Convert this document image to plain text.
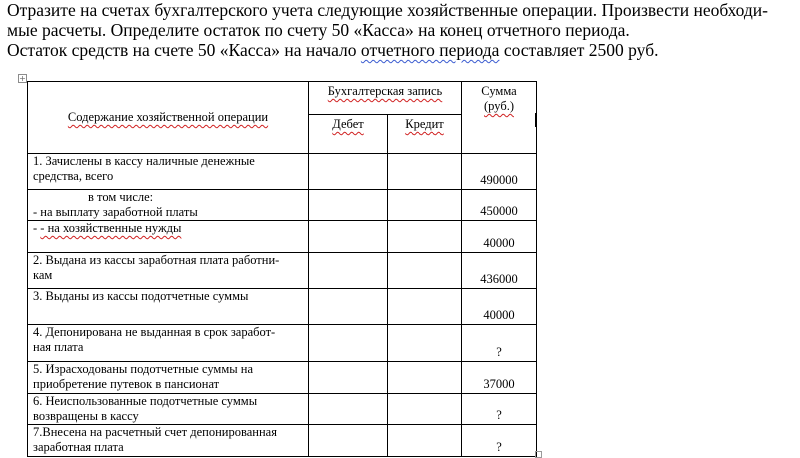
Отразите на счетах бухгалтерского учета следующие хозяйственные операции. Произвести необходи-

мые расчеты. Определите остаток по счету 50 «Касса» на конец отчетного периода.

Остаток средств на счете 50 «Касса» на начало отчетного периода составляет 2500 руб.

+
Содержание хозяйственной операции	Бухгалтерская запись		Сумма
(руб.)
	Дебет	Кредит	
1. Зачислены в кассу наличные денежные
средства, всего			490000

в том числе:
- на выплату заработной платы			450000
- - на хозяйственные нужды			40000
2. Выдана из кассы заработная плата работни-
кам			436000
3. Выданы из кассы подотчетные суммы			40000
4. Депонирована не выданная в срок заработ-
ная плата			?
5. Израсходованы подотчетные суммы на
приобретение путевок в пансионат			37000
6. Неиспользованные подотчетные суммы
возвращены в кассу			?
7.Внесена на расчетный счет депонированная
заработная плата			?
